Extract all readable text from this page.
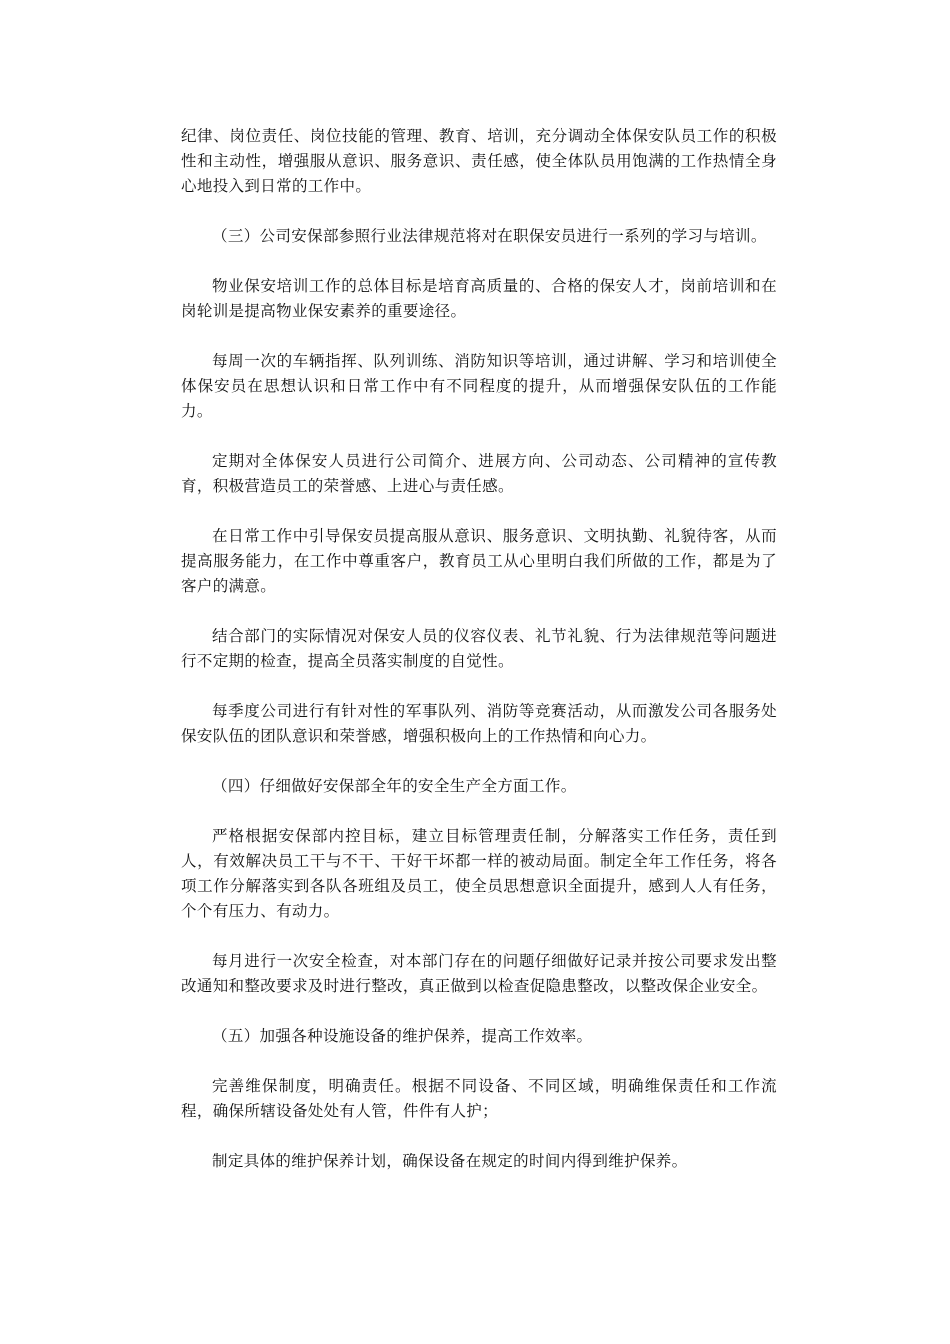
纪律、岗位责任、岗位技能的管理、教育、培训，充分调动全体保安队员工作的积极性和主动性，增强服从意识、服务意识、责任感，使全体队员用饱满的工作热情全身心地投入到日常的工作中。

（三）公司安保部参照行业法律规范将对在职保安员进行一系列的学习与培训。

物业保安培训工作的总体目标是培育高质量的、合格的保安人才，岗前培训和在岗轮训是提高物业保安素养的重要途径。

每周一次的车辆指挥、队列训练、消防知识等培训，通过讲解、学习和培训使全体保安员在思想认识和日常工作中有不同程度的提升，从而增强保安队伍的工作能力。

定期对全体保安人员进行公司简介、进展方向、公司动态、公司精神的宣传教育，积极营造员工的荣誉感、上进心与责任感。

在日常工作中引导保安员提高服从意识、服务意识、文明执勤、礼貌待客，从而提高服务能力，在工作中尊重客户，教育员工从心里明白我们所做的工作，都是为了客户的满意。

结合部门的实际情况对保安人员的仪容仪表、礼节礼貌、行为法律规范等问题进行不定期的检查，提高全员落实制度的自觉性。

每季度公司进行有针对性的军事队列、消防等竞赛活动，从而激发公司各服务处保安队伍的团队意识和荣誉感，增强积极向上的工作热情和向心力。

（四）仔细做好安保部全年的安全生产全方面工作。

严格根据安保部内控目标，建立目标管理责任制，分解落实工作任务，责任到人，有效解决员工干与不干、干好干坏都一样的被动局面。制定全年工作任务，将各项工作分解落实到各队各班组及员工，使全员思想意识全面提升，感到人人有任务，个个有压力、有动力。

每月进行一次安全检查，对本部门存在的问题仔细做好记录并按公司要求发出整改通知和整改要求及时进行整改，真正做到以检查促隐患整改，以整改保企业安全。

（五）加强各种设施设备的维护保养，提高工作效率。

完善维保制度，明确责任。根据不同设备、不同区域，明确维保责任和工作流程，确保所辖设备处处有人管，件件有人护；

制定具体的维护保养计划，确保设备在规定的时间内得到维护保养。
